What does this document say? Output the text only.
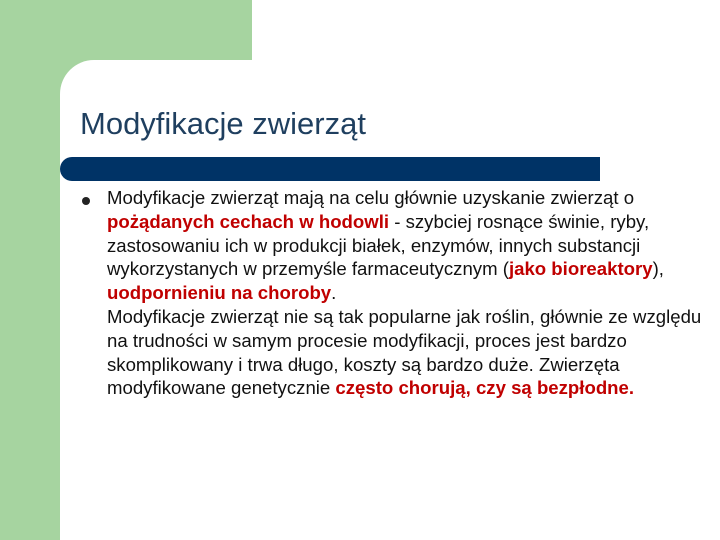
Modyfikacje zwierząt
Modyfikacje zwierząt mają na celu głównie uzyskanie zwierząt o pożądanych cechach w hodowli - szybciej rosnące świnie, ryby, zastosowaniu ich w produkcji białek, enzymów, innych substancji wykorzystanych w przemyśle farmaceutycznym (jako bioreaktory), uodpornieniu na choroby.
Modyfikacje zwierząt nie są tak popularne jak roślin, głównie ze względu na trudności w samym procesie modyfikacji, proces jest bardzo skomplikowany i trwa długo, koszty są bardzo duże. Zwierzęta modyfikowane genetycznie często chorują, czy są bezpłodne.
